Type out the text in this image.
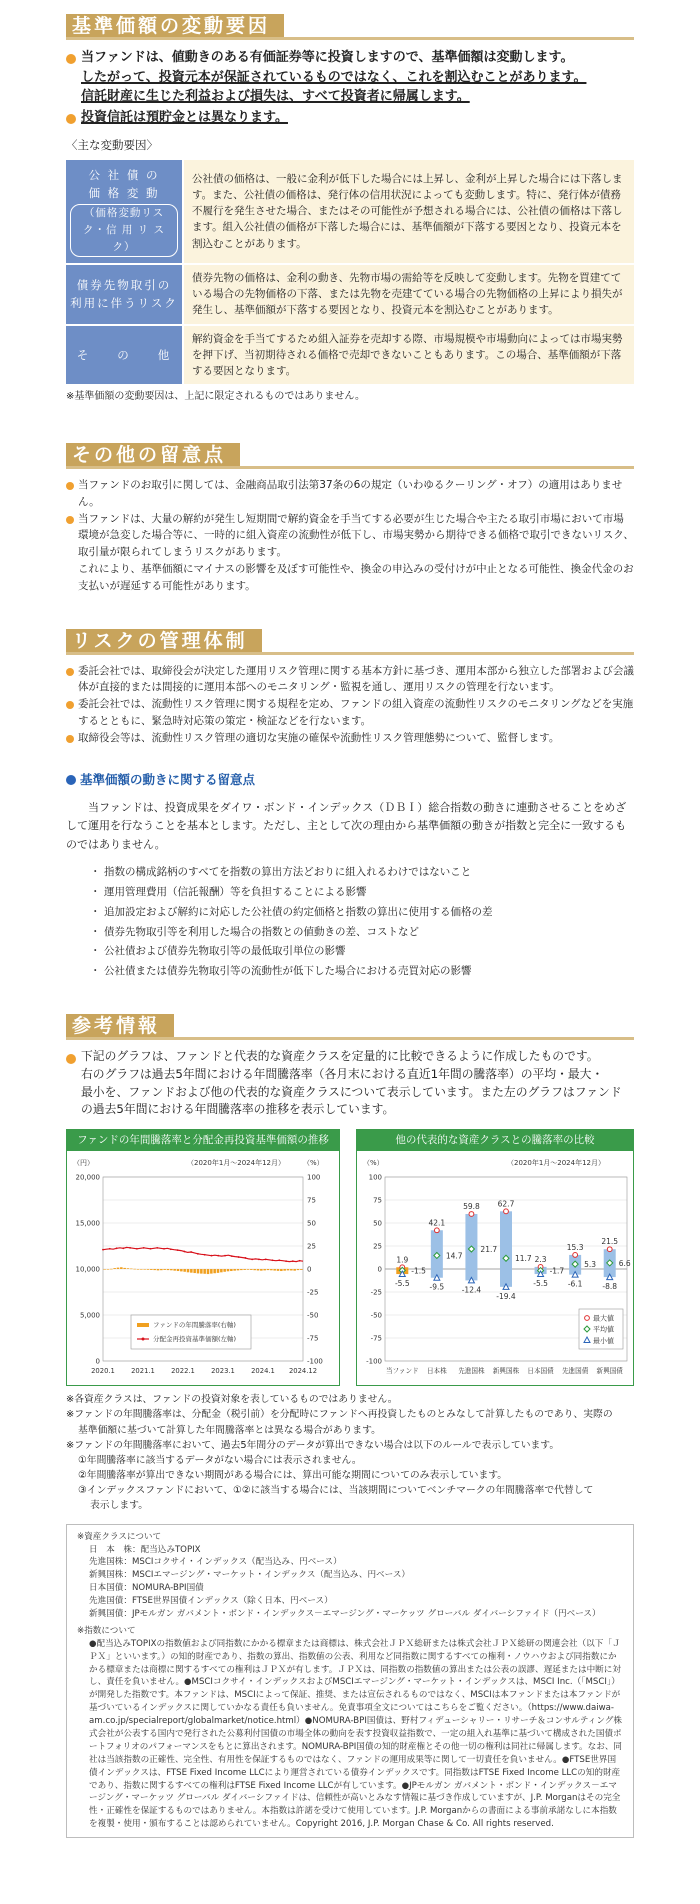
基準価額の変動要因
当ファンドは、値動きのある有価証券等に投資しますので、基準価額は変動します。
したがって、投資元本が保証されているものではなく、これを割込むことがあります。
信託財産に生じた利益および損失は、すべて投資者に帰属します。
投資信託は預貯金とは異なります。
〈主な変動要因〉
公 社 債 の
価 格 変 動
（価格変動リスク・信 用 リ ス ク）	公社債の価格は、一般に金利が低下した場合には上昇し、金利が上昇した場合には下落します。また、公社債の価格は、発行体の信用状況によっても変動します。特に、発行体が債務不履行を発生させた場合、またはその可能性が予想される場合には、公社債の価格は下落します。組入公社債の価格が下落した場合には、基準価額が下落する要因となり、投資元本を割込むことがあります。

債券先物取引の
利用に伴うリスク	債券先物の価格は、金利の動き、先物市場の需給等を反映して変動します。先物を買建てている場合の先物価格の下落、または先物を売建てている場合の先物価格の上昇により損失が発生し、基準価額が下落する要因となり、投資元本を割込むことがあります。

そ　　の　　他	解約資金を手当てするため組入証券を売却する際、市場規模や市場動向によっては市場実勢を押下げ、当初期待される価格で売却できないこともあります。この場合、基準価額が下落する要因となります。
※基準価額の変動要因は、上記に限定されるものではありません。
その他の留意点
当ファンドのお取引に関しては、金融商品取引法第37条の6の規定（いわゆるクーリング・オフ）の適用はありません。
当ファンドは、大量の解約が発生し短期間で解約資金を手当てする必要が生じた場合や主たる取引市場において市場環境が急変した場合等に、一時的に組入資産の流動性が低下し、市場実勢から期待できる価格で取引できないリスク、取引量が限られてしまうリスクがあります。
これにより、基準価額にマイナスの影響を及ぼす可能性や、換金の申込みの受付けが中止となる可能性、換金代金のお支払いが遅延する可能性があります。
リスクの管理体制
委託会社では、取締役会が決定した運用リスク管理に関する基本方針に基づき、運用本部から独立した部署および会議体が直接的または間接的に運用本部へのモニタリング・監視を通し、運用リスクの管理を行ないます。
委託会社では、流動性リスク管理に関する規程を定め、ファンドの組入資産の流動性リスクのモニタリングなどを実施するとともに、緊急時対応策の策定・検証などを行ないます。
取締役会等は、流動性リスク管理の適切な実施の確保や流動性リスク管理態勢について、監督します。
基準価額の動きに関する留意点
当ファンドは、投資成果をダイワ・ボンド・インデックス（ＤＢＩ）総合指数の動きに連動させることをめざして運用を行なうことを基本とします。ただし、主として次の理由から基準価額の動きが指数と完全に一致するものではありません。
・ 指数の構成銘柄のすべてを指数の算出方法どおりに組入れるわけではないこと
・ 運用管理費用（信託報酬）等を負担することによる影響
・ 追加設定および解約に対応した公社債の約定価格と指数の算出に使用する価格の差
・ 債券先物取引等を利用した場合の指数との値動きの差、コストなど
・ 公社債および債券先物取引等の最低取引単位の影響
・ 公社債または債券先物取引等の流動性が低下した場合における売買対応の影響
参考情報
下記のグラフは、ファンドと代表的な資産クラスを定量的に比較できるように作成したものです。
右のグラフは過去5年間における年間騰落率（各月末における直近1年間の騰落率）の平均・最大・
最小を、ファンドおよび他の代表的な資産クラスについて表示しています。また左のグラフはファンド
の過去5年間における年間騰落率の推移を表示しています。
ファンドの年間騰落率と分配金再投資基準価額の推移
（円）	（%）
（2020年1月～2024年12月）
100
75
50
25
0
-25
-50
-75
-100
20,000
15,000
10,000
5,000
0
2020.1 2021.1 2022.1 2023.1 2024.1 2024.12
ファンドの年間騰落率(右軸)
分配金再投資基準価額(左軸)
他の代表的な資産クラスとの騰落率の比較
（%）	（2020年1月～2024年12月）
100
75
50
25
0
-25
-50
-75
-100
1.9
-1.5
-5.5
当ファンド
42.1
14.7
-9.5
日本株
59.8
21.7
-12.4
先進国株
62.7
11.7
-19.4
新興国株
2.3
-1.7
-5.5
日本国債
15.3
5.3
-6.1
先進国債
21.5
6.6
-8.8
新興国債
最大値
平均値
最小値
※各資産クラスは、ファンドの投資対象を表しているものではありません。
※ファンドの年間騰落率は、分配金（税引前）を分配時にファンドへ再投資したものとみなして計算したものであり、実際の
基準価額に基づいて計算した年間騰落率とは異なる場合があります。
※ファンドの年間騰落率において、過去5年間分のデータが算出できない場合は以下のルールで表示しています。
①年間騰落率に該当するデータがない場合には表示されません。
②年間騰落率が算出できない期間がある場合には、算出可能な期間についてのみ表示しています。
③インデックスファンドにおいて、①②に該当する場合には、当該期間についてベンチマークの年間騰落率で代替して
表示します。
※資産クラスについて
日　本　株：配当込みTOPIX
先進国株：MSCIコクサイ・インデックス（配当込み、円ベース）
新興国株：MSCIエマージング・マーケット・インデックス（配当込み、円ベース）
日本国債：NOMURA-BPI国債
先進国債：FTSE世界国債インデックス（除く日本、円ベース）
新興国債：JPモルガン ガバメント・ボンド・インデックス－エマージング・マーケッツ グローバル ダイバーシファイド（円ベース）
※指数について
●配当込みTOPIXの指数値および同指数にかかる標章または商標は、株式会社ＪＰＸ総研または株式会社ＪＰＸ総研の関連会社（以下「ＪＰＸ」といいます。）の知的財産であり、指数の算出、指数値の公表、利用など同指数に関するすべての権利・ノウハウおよび同指数にかかる標章または商標に関するすべての権利はＪＰＸが有します。ＪＰＸは、同指数の指数値の算出または公表の誤謬、遅延または中断に対し、責任を負いません。●MSCIコクサイ・インデックスおよびMSCIエマージング・マーケット・インデックスは、MSCI Inc.（「MSCI」）が開発した指数です。本ファンドは、MSCIによって保証、推奨、または宣伝されるものではなく、MSCIは本ファンドまたは本ファンドが基づいているインデックスに関していかなる責任も負いません。免責事項全文についてはこちらをご覧ください。（https://www.daiwa-am.co.jp/specialreport/globalmarket/notice.html）●NOMURA-BPI国債は、野村フィデューシャリー・リサーチ＆コンサルティング株式会社が公表する国内で発行された公募利付国債の市場全体の動向を表す投資収益指数で、一定の組入れ基準に基づいて構成された国債ポートフォリオのパフォーマンスをもとに算出されます。NOMURA-BPI国債の知的財産権とその他一切の権利は同社に帰属します。なお、同社は当該指数の正確性、完全性、有用性を保証するものではなく、ファンドの運用成果等に関して一切責任を負いません。●FTSE世界国債インデックスは、FTSE Fixed Income LLCにより運営されている債券インデックスです。同指数はFTSE Fixed Income LLCの知的財産であり、指数に関するすべての権利はFTSE Fixed Income LLCが有しています。●JPモルガン ガバメント・ボンド・インデックス－エマージング・マーケッツ グローバル ダイバーシファイドは、信頼性が高いとみなす情報に基づき作成していますが、J.P. Morganはその完全性・正確性を保証するものではありません。本指数は許諾を受けて使用しています。J.P. Morganからの書面による事前承諾なしに本指数を複製・使用・頒布することは認められていません。Copyright 2016, J.P. Morgan Chase & Co. All rights reserved.
